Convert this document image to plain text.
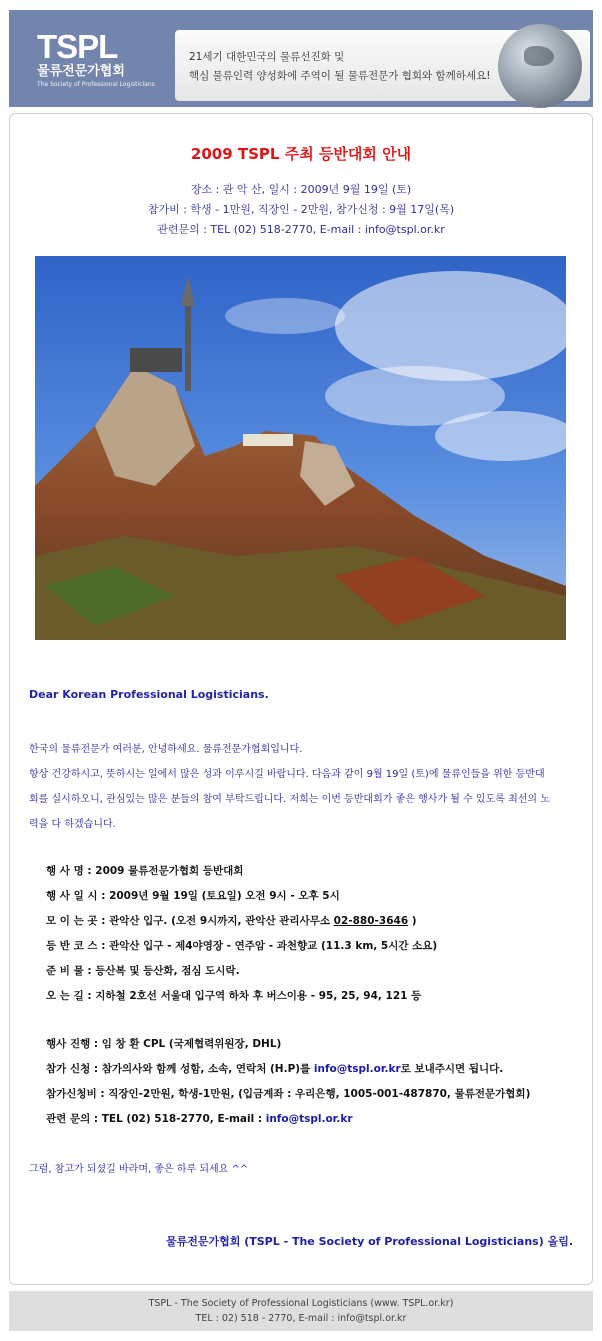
TSPL
물류전문가협회
The Society of Professional Logisticians
21세기 대한민국의 물류선진화 및
핵심 물류인력 양성화에 주역이 될 물류전문가 협회와 함께하세요!
2009 TSPL 주최 등반대회 안내
장소 : 관 악 산, 일시 : 2009년 9월 19일 (토)
참가비 : 학생 - 1만원, 직장인 - 2만원, 참가신청 : 9월 17일(목)
관련문의 : TEL (02) 518-2770, E-mail : info@tspl.or.kr
Dear Korean Professional Logisticians.
한국의 물류전문가 여러분, 안녕하세요. 물류전문가협회입니다.
항상 건강하시고, 뜻하시는 일에서 많은 성과 이루시길 바랍니다. 다음과 같이 9월 19일 (토)에 물류인들을 위한 등반대
회를 실시하오니, 관심있는 많은 분들의 참여 부탁드립니다. 저희는 이번 등반대회가 좋은 행사가 될 수 있도록 최선의 노
력을 다 하겠습니다.
행 사 명 : 2009 물류전문가협회 등반대회
행 사 일 시 : 2009년 9월 19일 (토요일) 오전 9시 - 오후 5시
모 이 는 곳 : 관악산 입구. (오전 9시까지, 관악산 관리사무소 02-880-3646 )
등 반 코 스 : 관악산 입구 - 제4야영장 - 연주암 - 과천향교 (11.3 km, 5시간 소요)
준 비 물 : 등산복 및 등산화, 점심 도시락.
오 는 길 : 지하철 2호선 서울대 입구역 하차 후 버스이용 - 95, 25, 94, 121 등
행사 진행 : 임 창 환 CPL (국제협력위원장, DHL)
참가 신청 : 참가의사와 함께 성함, 소속, 연락처 (H.P)를 info@tspl.or.kr로 보내주시면 됩니다.
참가신청비 : 직장인-2만원, 학생-1만원, (입금계좌 : 우리은행, 1005-001-487870, 물류전문가협회)
관련 문의 : TEL (02) 518-2770, E-mail : info@tspl.or.kr
그럼, 참고가 되셨길 바라며, 좋은 하루 되세요 ^^
물류전문가협회 (TSPL - The Society of Professional Logisticians) 올림.
TSPL - The Society of Professional Logisticians (www. TSPL.or.kr)
TEL : 02) 518 - 2770, E-mail : info@tspl.or.kr
